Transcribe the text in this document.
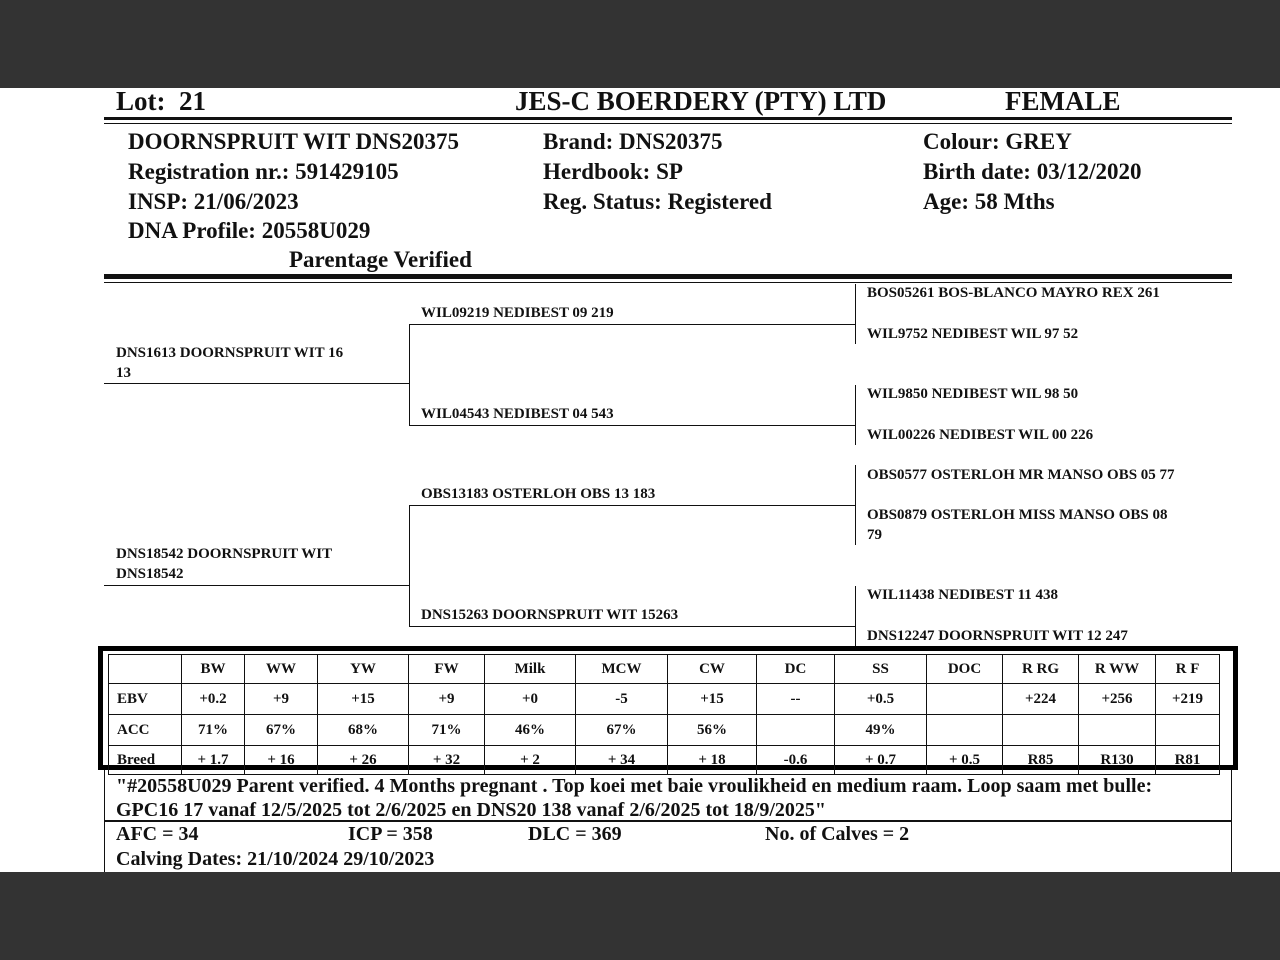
Lot: 21	JES-C BOERDERY (PTY) LTD	FEMALE
DOORNSPRUIT WIT DNS20375
Registration nr.: 591429105
INSP: 21/06/2023
DNA Profile: 20558U029
Parentage Verified
Brand: DNS20375
Herdbook: SP
Reg. Status: Registered
Colour: GREY
Birth date: 03/12/2020
Age: 58 Mths
DNS1613 DOORNSPRUIT WIT 16
13
DNS18542 DOORNSPRUIT WIT
DNS18542
WIL09219 NEDIBEST 09 219
WIL04543 NEDIBEST 04 543
OBS13183 OSTERLOH OBS 13 183
DNS15263 DOORNSPRUIT WIT 15263
BOS05261 BOS-BLANCO MAYRO REX 261
WIL9752 NEDIBEST WIL 97 52
WIL9850 NEDIBEST WIL 98 50
WIL00226 NEDIBEST WIL 00 226
OBS0577 OSTERLOH MR MANSO OBS 05 77
OBS0879 OSTERLOH MISS MANSO OBS 08
79
WIL11438 NEDIBEST 11 438
DNS12247 DOORNSPRUIT WIT 12 247
	BW	WW	YW	FW	Milk	MCW	CW	DC	SS	DOC	R RG	R WW	R F
EBV	+0.2	+9	+15	+9	+0	-5	+15	--	+0.5		+224	+256	+219
ACC	71%	67%	68%	71%	46%	67%	56%		49%				
Breed	+ 1.7	+ 16	+ 26	+ 32	+ 2	+ 34	+ 18	-0.6	+ 0.7	+ 0.5	R85	R130	R81
"#20558U029 Parent verified. 4 Months pregnant . Top koei met baie vroulikheid en medium raam. Loop saam met bulle: GPC16 17 vanaf 12/5/2025 tot 2/6/2025 en DNS20 138 vanaf 2/6/2025 tot 18/9/2025"
AFC = 34	ICP = 358	DLC = 369	No. of Calves = 2
Calving Dates: 21/10/2024 29/10/2023
